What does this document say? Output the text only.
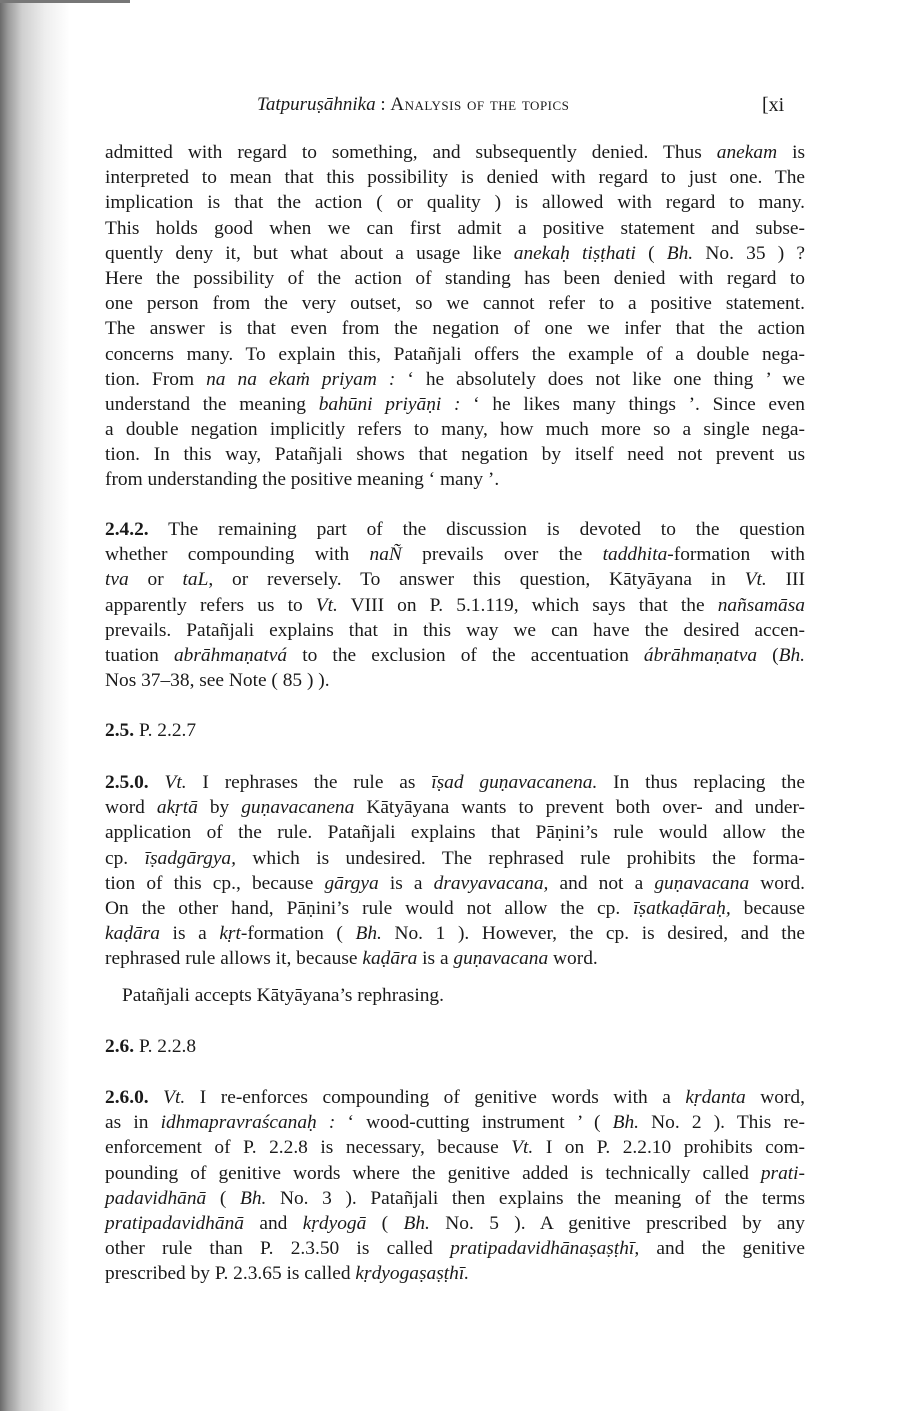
Tatpuruṣāhnika : Analysis of the topics	[xi
admitted with regard to something, and subsequently denied. Thus anekam is
interpreted to mean that this possibility is denied with regard to just one. The
implication is that the action ( or quality ) is allowed with regard to many.
This holds good when we can first admit a positive statement and subse-
quently deny it, but what about a usage like anekaḥ tiṣṭhati ( Bh. No. 35 ) ?
Here the possibility of the action of standing has been denied with regard to
one person from the very outset, so we cannot refer to a positive statement.
The answer is that even from the negation of one we infer that the action
concerns many. To explain this, Patañjali offers the example of a double nega-
tion. From na na ekaṁ priyam : ‘ he absolutely does not like one thing ’ we
understand the meaning bahūni priyāṇi : ‘ he likes many things ’. Since even
a double negation implicitly refers to many, how much more so a single nega-
tion. In this way, Patañjali shows that negation by itself need not prevent us
from understanding the positive meaning ‘ many ’.
2.4.2. The remaining part of the discussion is devoted to the question
whether compounding with naÑ prevails over the taddhita-formation with
tva or taL, or reversely. To answer this question, Kātyāyana in Vt. III
apparently refers us to Vt. VIII on P. 5.1.119, which says that the nañsamāsa
prevails. Patañjali explains that in this way we can have the desired accen-
tuation abrāhmaṇatvá to the exclusion of the accentuation ábrāhmaṇatva (Bh.
Nos 37–38, see Note ( 85 ) ).
2.5. P. 2.2.7
2.5.0. Vt. I rephrases the rule as īṣad guṇavacanena. In thus replacing the
word akṛtā by guṇavacanena Kātyāyana wants to prevent both over- and under-
application of the rule. Patañjali explains that Pāṇini’s rule would allow the
cp. īṣadgārgya, which is undesired. The rephrased rule prohibits the forma-
tion of this cp., because gārgya is a dravyavacana, and not a guṇavacana word.
On the other hand, Pāṇini’s rule would not allow the cp. īṣatkaḍāraḥ, because
kaḍāra is a kṛt-formation ( Bh. No. 1 ). However, the cp. is desired, and the
rephrased rule allows it, because kaḍāra is a guṇavacana word.
Patañjali accepts Kātyāyana’s rephrasing.
2.6. P. 2.2.8
2.6.0. Vt. I re-enforces compounding of genitive words with a kṛdanta word,
as in idhmapravraścanaḥ : ‘ wood-cutting instrument ’ ( Bh. No. 2 ). This re-
enforcement of P. 2.2.8 is necessary, because Vt. I on P. 2.2.10 prohibits com-
pounding of genitive words where the genitive added is technically called prati-
padavidhānā ( Bh. No. 3 ). Patañjali then explains the meaning of the terms
pratipadavidhānā and kṛdyogā ( Bh. No. 5 ). A genitive prescribed by any
other rule than P. 2.3.50 is called pratipadavidhānaṣaṣṭhī, and the genitive
prescribed by P. 2.3.65 is called kṛdyogaṣaṣṭhī.
